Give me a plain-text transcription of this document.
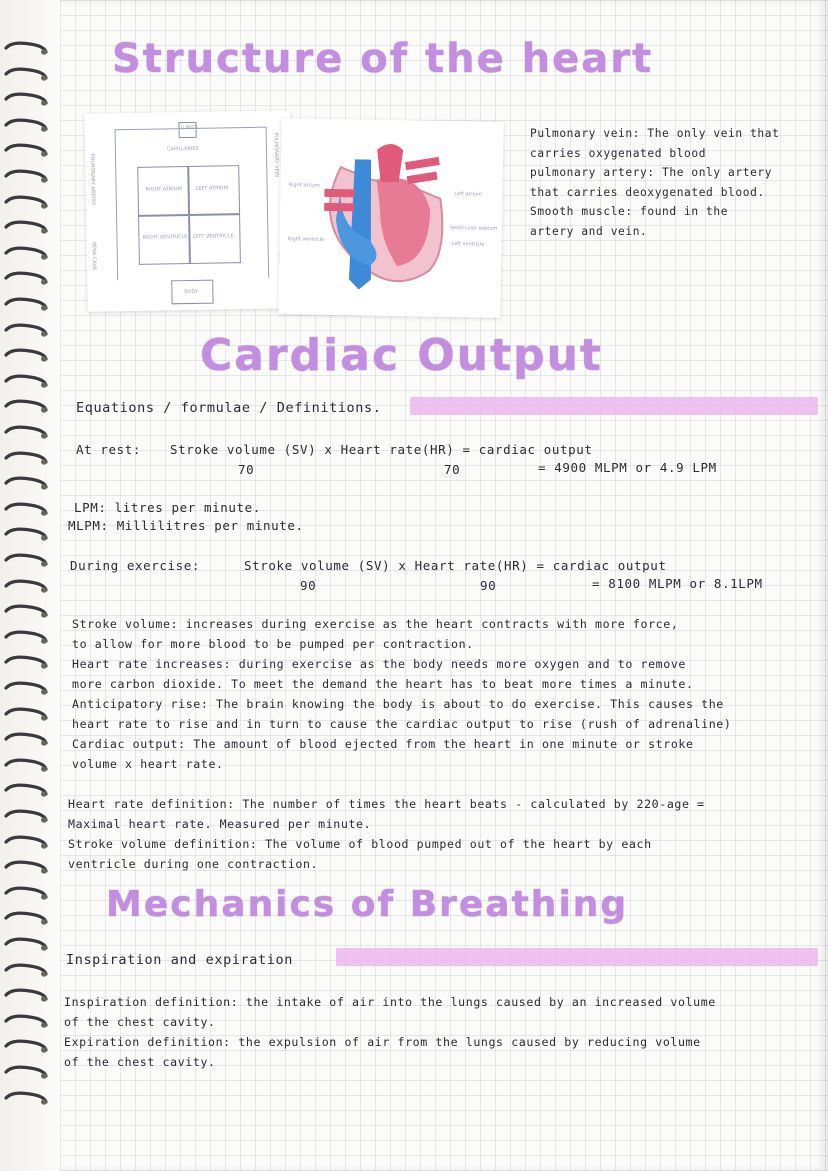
Structure of the heart
LUNGS
CAPILLARIES
PULMONARY ARTERY
VENA CAVA
PULMONARY VEIN
RIGHT ATRIUM	LEFT ATRIUM
RIGHT VENTRICLE LEFT VENTRICLE
BODY
Right atrium
Right ventricle
Left atrium
Ventricular septum
Left ventricle
Pulmonary vein: The only vein that
carries oxygenated blood
pulmonary artery: The only artery
that carries deoxygenated blood.
Smooth muscle: found in the
artery and vein.
Cardiac Output
Equations / formulae / Definitions.
At rest: Stroke volume (SV) x Heart rate(HR) = cardiac output
70	70	= 4900 MLPM or 4.9 LPM
LPM: litres per minute.
MLPM: Millilitres per minute.
During exercise:	Stroke volume (SV) x Heart rate(HR) = cardiac output
90	90	= 8100 MLPM or 8.1LPM
Stroke volume: increases during exercise as the heart contracts with more force,
to allow for more blood to be pumped per contraction.
Heart rate increases: during exercise as the body needs more oxygen and to remove
more carbon dioxide. To meet the demand the heart has to beat more times a minute.
Anticipatory rise: The brain knowing the body is about to do exercise. This causes the
heart rate to rise and in turn to cause the cardiac output to rise (rush of adrenaline)
Cardiac output: The amount of blood ejected from the heart in one minute or stroke
volume x heart rate.
Heart rate definition: The number of times the heart beats - calculated by 220-age =
Maximal heart rate. Measured per minute.
Stroke volume definition: The volume of blood pumped out of the heart by each
ventricle during one contraction.
Mechanics of Breathing
Inspiration and expiration
Inspiration definition: the intake of air into the lungs caused by an increased volume
of the chest cavity.
Expiration definition: the expulsion of air from the lungs caused by reducing volume
of the chest cavity.
